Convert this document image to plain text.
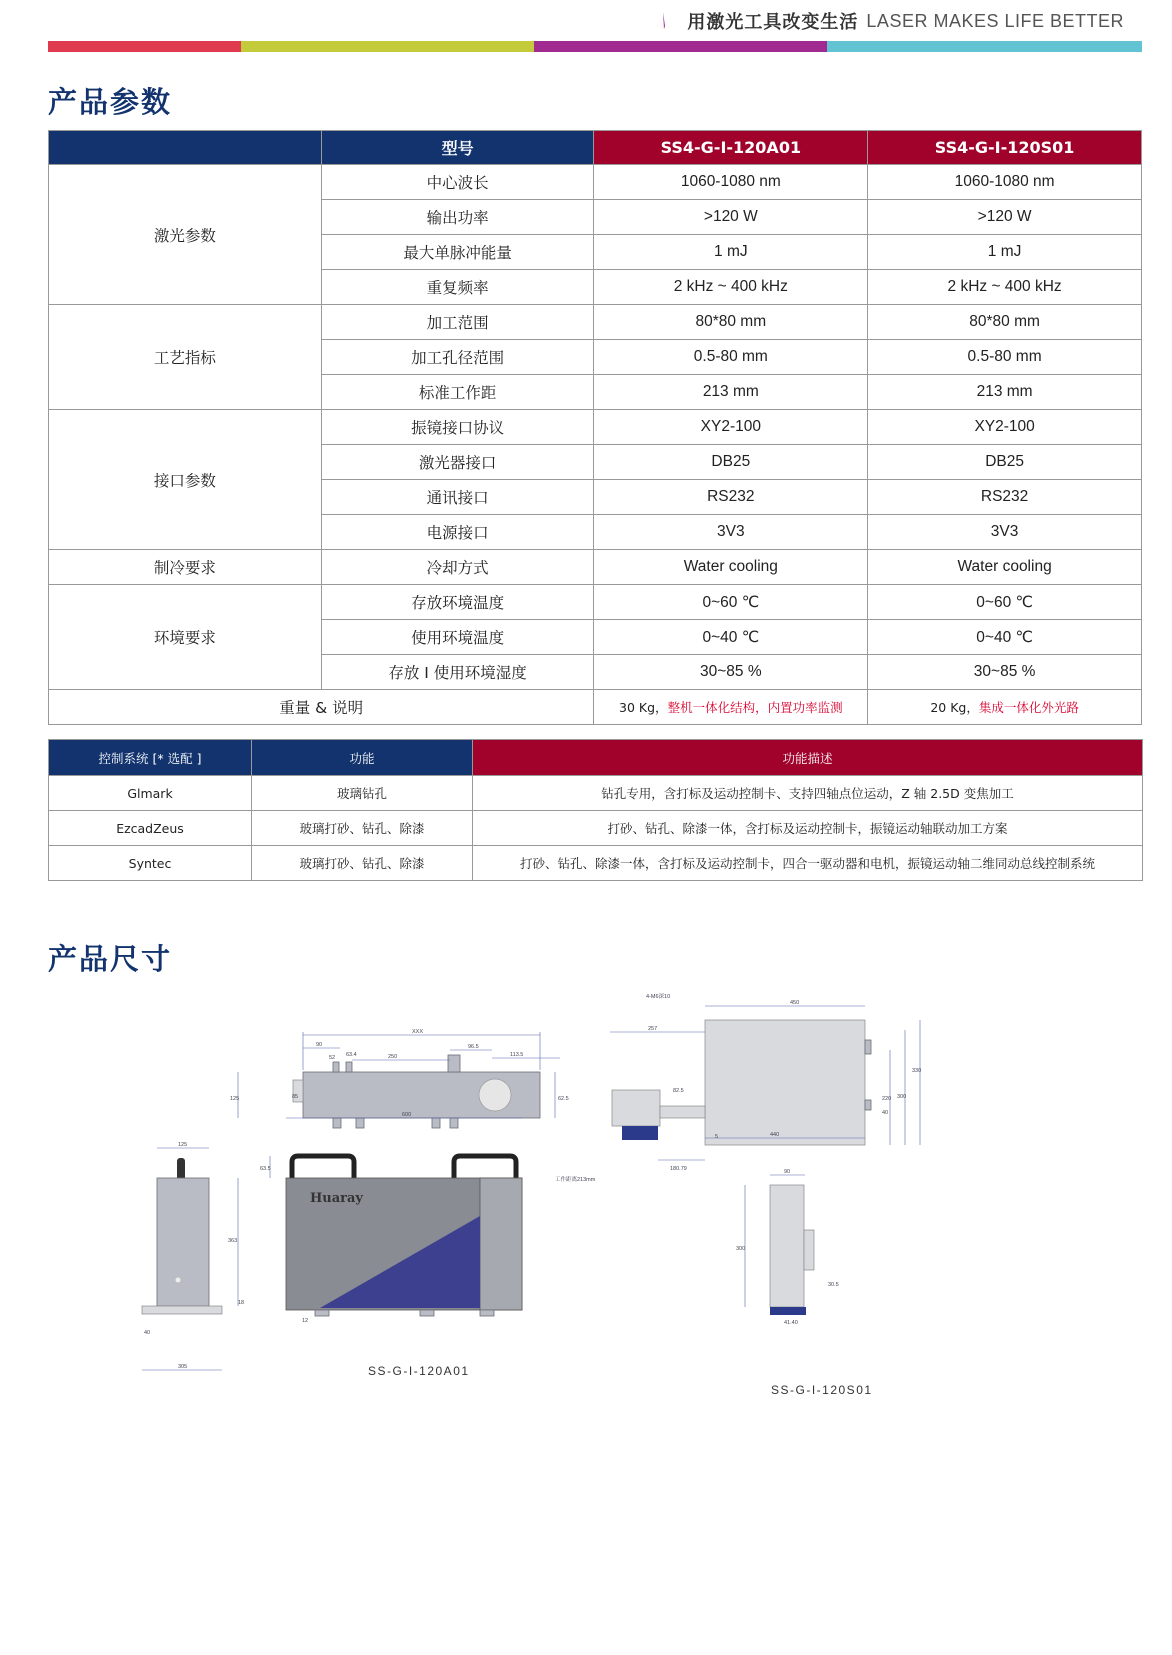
用激光工具改变生活 LASER MAKES LIFE BETTER
产品参数
	型号	SS4-G-I-120A01	SS4-G-I-120S01
激光参数	中心波长	1060-1080 nm	1060-1080 nm
	输出功率	>120 W	>120 W
	最大单脉冲能量	1 mJ	1 mJ
	重复频率	2 kHz ~ 400 kHz	2 kHz ~ 400 kHz
工艺指标	加工范围	80*80 mm	80*80 mm
	加工孔径范围	0.5-80 mm	0.5-80 mm
	标准工作距	213 mm	213 mm
接口参数	振镜接口协议	XY2-100	XY2-100
	激光器接口	DB25	DB25
	通讯接口	RS232	RS232
	电源接口	3V3	3V3
制冷要求	冷却方式	Water cooling	Water cooling
环境要求	存放环境温度	0~60 ℃	0~60 ℃
	使用环境温度	0~40 ℃	0~40 ℃
	存放 I 使用环境湿度	30~85 %	30~85 %
重量 & 说明		30 Kg，整机一体化结构，内置功率监测	20 Kg，集成一体化外光路
控制系统 [* 选配 ]	功能	功能描述
Glmark	玻璃钻孔	钻孔专用，含打标及运动控制卡、支持四轴点位运动，Z 轴 2.5D 变焦加工
EzcadZeus	玻璃打砂、钻孔、除漆	打砂、钻孔、除漆一体，含打标及运动控制卡，振镜运动轴联动加工方案
Syntec	玻璃打砂、钻孔、除漆	打砂、钻孔、除漆一体，含打标及运动控制卡，四合一驱动器和电机，振镜运动轴二维同动总线控制系统
产品尺寸
XXX
90
52 63.4	250
96.5
113.5
62.5
125	85
125
363
18
40
305
Huaray
600
63.5
12
450
4-M6深10
257
440
220 300
330
40
5
82.5
180.79
工作距离213mm
90
300
30.5
41.40
SS-G-I-120A01
SS-G-I-120S01
